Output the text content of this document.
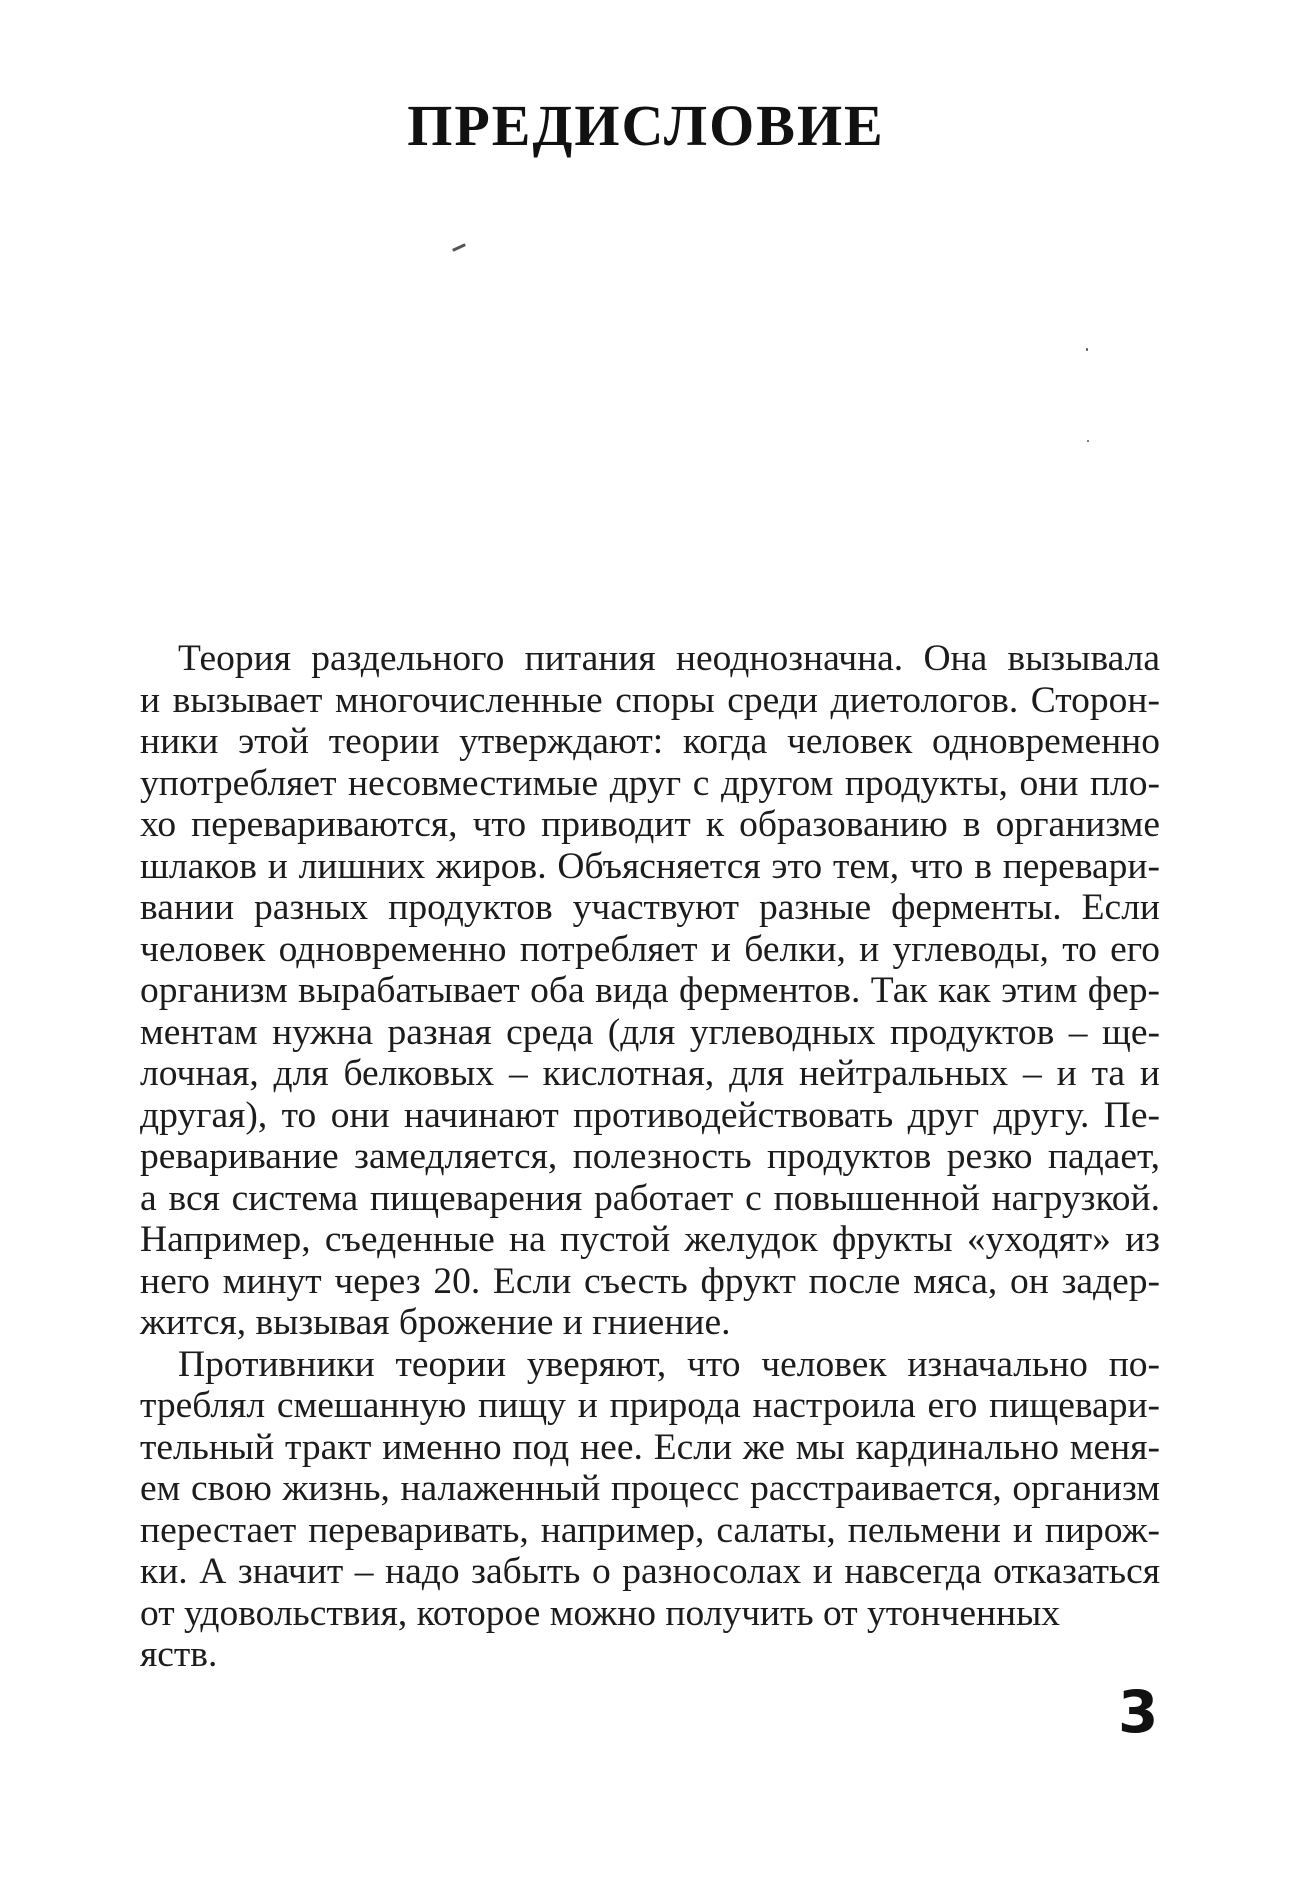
ПРЕДИСЛОВИЕ
Теория раздельного питания неоднозначна. Она вызывала
и вызывает многочисленные споры среди диетологов. Сторон-
ники этой теории утверждают: когда человек одновременно
употребляет несовместимые друг с другом продукты, они пло-
хо перевариваются, что приводит к образованию в организме
шлаков и лишних жиров. Объясняется это тем, что в перевари-
вании разных продуктов участвуют разные ферменты. Если
человек одновременно потребляет и белки, и углеводы, то его
организм вырабатывает оба вида ферментов. Так как этим фер-
ментам нужна разная среда (для углеводных продуктов – ще-
лочная, для белковых – кислотная, для нейтральных – и та и
другая), то они начинают противодействовать друг другу. Пе-
реваривание замедляется, полезность продуктов резко падает,
а вся система пищеварения работает с повышенной нагрузкой.
Например, съеденные на пустой желудок фрукты «уходят» из
него минут через 20. Если съесть фрукт после мяса, он задер-
жится, вызывая брожение и гниение.
Противники теории уверяют, что человек изначально по-
треблял смешанную пищу и природа настроила его пищевари-
тельный тракт именно под нее. Если же мы кардинально меня-
ем свою жизнь, налаженный процесс расстраивается, организм
перестает переваривать, например, салаты, пельмени и пирож-
ки. А значит – надо забыть о разносолах и навсегда отказаться
от удовольствия, которое можно получить от утонченных
яств.
3
